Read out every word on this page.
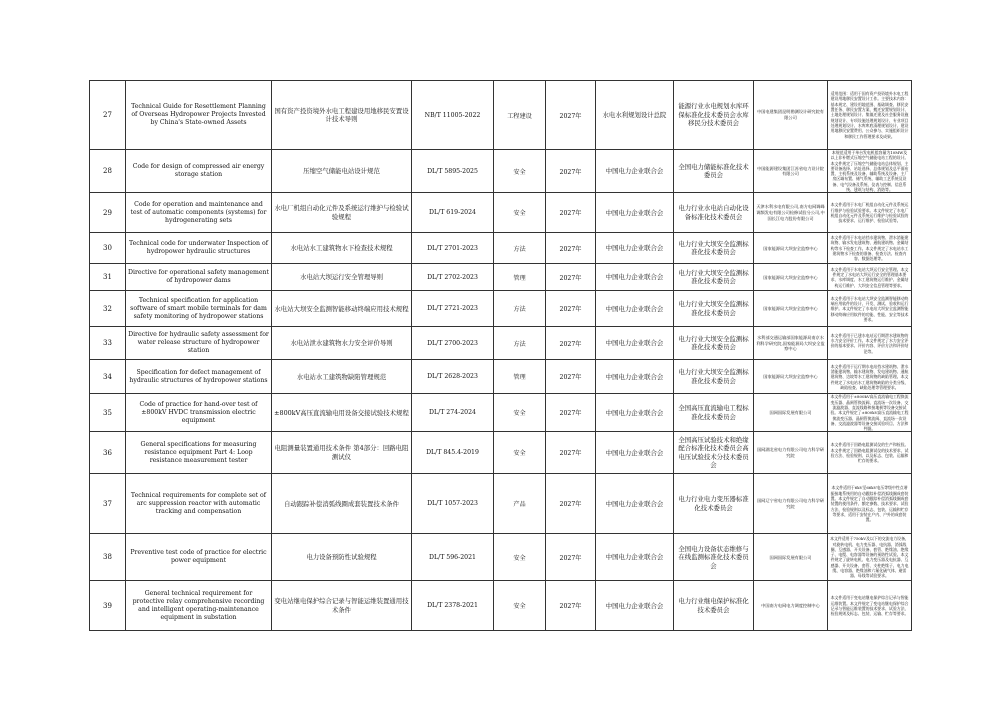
27	Technical Guide for Resettlement Planning of Overseas Hydropower Projects Invested by China's State-owned Assets	国有资产投资境外水电工程建设用地移民安置设计技术导则	NB/T 11005-2022	工程建设	2027年	水电水利规划设计总院	能源行业水电规划水库环保标准化技术委员会水库移民分技术委员会	中国电建集团昆明勘测设计研究院有限公司	适用范围：适用于国有资产投资境外水电工程建设用地移民安置设计工作。主要技术内容：基本规定、建设用地范围、基础调查、移民安置任务、移民安置方案、搬迁安置规划设计、土地处理规划设计、集镇迁建及社会服务设施规划设计、专项设施处理规划设计、专业项目处理规划设计、水库库底清理规划设计、建设用地移民安置费用、公众参与、实施组织设计和移民工作管理要求及成果。
28	Code for design of compressed air energy storage station	压缩空气储能电站设计规范	DL/T 5895-2025	安全	2027年	中国电力企业联合会	全国电力储能标准化技术委员会	中国能源建设集团江苏省电力设计院有限公司	本规范适用于单台发电机组容量为10MW及以上非补燃式压缩空气储能电站工程的设计。本文件规定了压缩空气储能电站总体规划、主要设备选择、站址选择、总体规划及总平面布置、主机系统及设备、辅助系统及设备、主厂房区域布置、储气系统、辅助工艺系统及设备、电气设备及系统、仪表与控制、信息系统、建筑与结构、消防等。
29	Code for operation and maintenance and test of automatic components (systems) for hydrogenerating sets	水电厂机组自动化元件及系统运行维护与检验试验规程	DL/T 619-2024	安全	2027年	中国电力企业联合会	电力行业水电站自动化设备标准化技术委员会	天津水利水电有限公司,南方电网调峰调频发电有限公司检修试验分公司,中国长江电力股份有限公司	本文件适用于水电厂机组自动化元件及系统运行维护与检验试验要求。本文件规定了水电厂机组自动化元件及系统运行维护与检验试验的技术要求、运行维护、检验试验等。
30	Technical code for underwater Inspection of hydropower hydraulic structures	水电站水工建筑物水下检查技术规程	DL/T 2701-2023	方法	2027年	中国电力企业联合会	电力行业大坝安全监测标准化技术委员会	国家能源局大坝安全监察中心	本文件适用于水电站挡水建筑物、泄水消能建筑物、输水发电建筑物、通航建筑物、金属结构等水下检查工作。本文件规定了水电站水工建筑物水下检查的准备、检查方法、检查内容、数据处理等。
31	Directive for operational safety management of hydropower dams	水电站大坝运行安全管理导则	DL/T 2702-2023	管理	2027年	中国电力企业联合会	电力行业大坝安全监测标准化技术委员会	国家能源局大坝安全监察中心	本文件适用于水电站大坝运行安全管理。本文件规定了水电站大坝运行安全的管理基本要求、水库调度、水工建筑物运行维护、金属结构运行维护、大坝安全信息管理等要求。
32	Technical specification for application software of smart mobile terminals for dam safety monitoring of hydropower stations	水电站大坝安全监测智能移动终端应用技术规程	DL/T 2721-2023	方法	2027年	中国电力企业联合会	电力行业大坝安全监测标准化技术委员会	国家能源局大坝安全监察中心	本文件适用于水电站大坝安全监测智能移动终端应用软件的设计、开发、测试、验收和运行维护。本文件规定了水电站大坝安全监测智能移动终端应用软件的功能、性能、安全等技术要求。
33	Directive for hydraulic safety assessment for water release structure of hydropower station	水电站泄水建筑物水力安全评价导则	DL/T 2700-2023	方法	2027年	中国电力企业联合会	电力行业大坝安全监测标准化技术委员会	水利部交通运输部国家能源局南京水利科学研究院,国家能源局大坝安全监察中心	本文件适用于已建水电站运行期泄水建筑物的水力安全评价工作。本文件规定了水力安全评价的基本要求、评价内容、评价方法和评价结论等。
34	Specification for defect management of hydraulic structures of hydropower stations	水电站水工建筑物缺陷管理规范	DL/T 2628-2023	管理	2027年	中国电力企业联合会	电力行业大坝安全监测标准化技术委员会	国家能源局大坝安全监察中心	本文件适用于运行期水电站挡水建筑物、泄水消能建筑物、输水建筑物、发电建筑物、通航建筑物、边坡等水工建筑物的缺陷管理。本文件规定了水电站水工建筑物缺陷的分类分级、缺陷检查、缺陷处理等管理要求。
35	Code of practice for hand-over test of ±800kV HVDC transmission electric equipment	±800kV高压直流输电用设备交接试验技术规程	DL/T 274-2024	安全	2027年	中国电力企业联合会	全国高压直流输电工程标准化技术委员会	国网国际发展有限公司	本文件适用于±800kV高压直流输电工程换流变压器、晶闸管换流阀、直流场一次设备、交流滤波器、直流线路和接地极等设备交接试验。本文件规定了±800kV高压直流输电工程换流变压器、晶闸管换流阀、直流场一次设备、交流滤波器等设备交接试验项目、方法和判据。
36	General specifications for measuring resistance equipment Part 4: Loop resistance measurement tester	电阻测量装置通用技术条件 第4部分：回路电阻测试仪	DL/T 845.4-2019	安全	2027年	中国电力企业联合会	全国高压试验技术和绝缘配合标准化技术委员会高电压试验技术分技术委员会	国网湖北省电力有限公司电力科学研究院	本文件适用于回路电阻测试仪的生产和检验。本文件规定了回路电阻测试仪的技术要求、试验方法、检验规则、以及标志、包装、运输和贮存的要求。
37	Technical requirements for complete set of arc suppression reactor with automatic tracking and compensation	自动跟踪补偿消弧线圈成套装置技术条件	DL/T 1057-2023	产品	2027年	中国电力企业联合会	电力行业电力变压器标准化技术委员会	国网辽宁省电力有限公司电力科学研究院	本文件适用于6kV至66kV电压等级中性点谐振接地系统用的自动跟踪补偿消弧线圈成套装置。本文件规定了自动跟踪补偿消弧线圈成套装置的使用条件、额定参数、技术要求、试验方法、检验规则以及标志、包装、运输和贮存等要求，适用于安装在户内、户外的成套装置。
38	Preventive test code of practice for electric power equipment	电力设备预防性试验规程	DL/T 596-2021	安全	2027年	中国电力企业联合会	全国电力设备状态维修与在线监测标准化技术委员会	国网国际发展有限公司	本文件适用于750kV及以下的交流电力设备，对旋转电机、电力变压器、电抗器、消弧线圈、互感器、开关设备、套管、绝缘油、绝缘子、电缆、电容器等设备的预防性试验。本文件规定了旋转电机、电力变压器及电抗器、互感器、开关设备、套管、支柱绝缘子、电力电缆、电容器、绝缘油和六氟化硫气体、避雷器、母线等试验要求。
39	General technical requirement for protective relay comprehensive recording and intelligent operating-maintenance equipment in substation	变电站继电保护综合记录与智能运维装置通用技术条件	DL/T 2378-2021	安全	2027年	中国电力企业联合会	电力行业继电保护标准化技术委员会	中国南方电网电力调度控制中心	本文件适用于变电站继电保护综合记录与智能运维装置。本文件规定了变电站继电保护综合记录与智能运维装置的技术要求、试验方法、检验规则及标志、包装、运输、贮存等要求。
